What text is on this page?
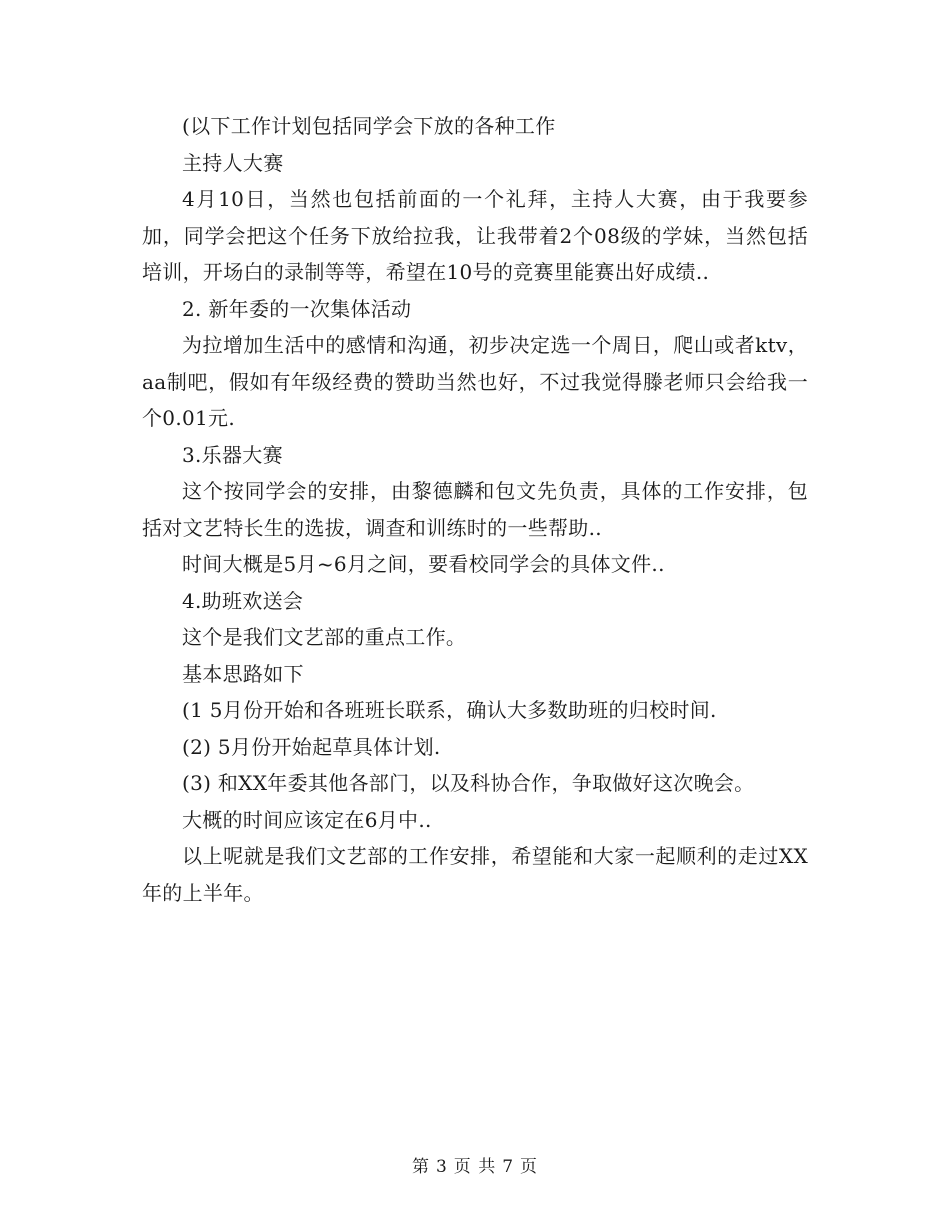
(以下工作计划包括同学会下放的各种工作

主持人大赛

4月10日，当然也包括前面的一个礼拜，主持人大赛，由于我要参加，同学会把这个任务下放给拉我，让我带着2个08级的学妹，当然包括培训，开场白的录制等等，希望在10号的竞赛里能赛出好成绩..

2. 新年委的一次集体活动

为拉增加生活中的感情和沟通，初步决定选一个周日，爬山或者ktv，aa制吧，假如有年级经费的赞助当然也好，不过我觉得滕老师只会给我一个0.01元.

3.乐器大赛

这个按同学会的安排，由黎德麟和包文先负责，具体的工作安排，包括对文艺特长生的选拔，调查和训练时的一些帮助..

时间大概是5月~6月之间，要看校同学会的具体文件..

4.助班欢送会

这个是我们文艺部的重点工作。

基本思路如下

(1 5月份开始和各班班长联系，确认大多数助班的归校时间.

(2) 5月份开始起草具体计划.

(3) 和XX年委其他各部门，以及科协合作，争取做好这次晚会。

大概的时间应该定在6月中..

以上呢就是我们文艺部的工作安排，希望能和大家一起顺利的走过XX年的上半年。

第 3 页 共 7 页
